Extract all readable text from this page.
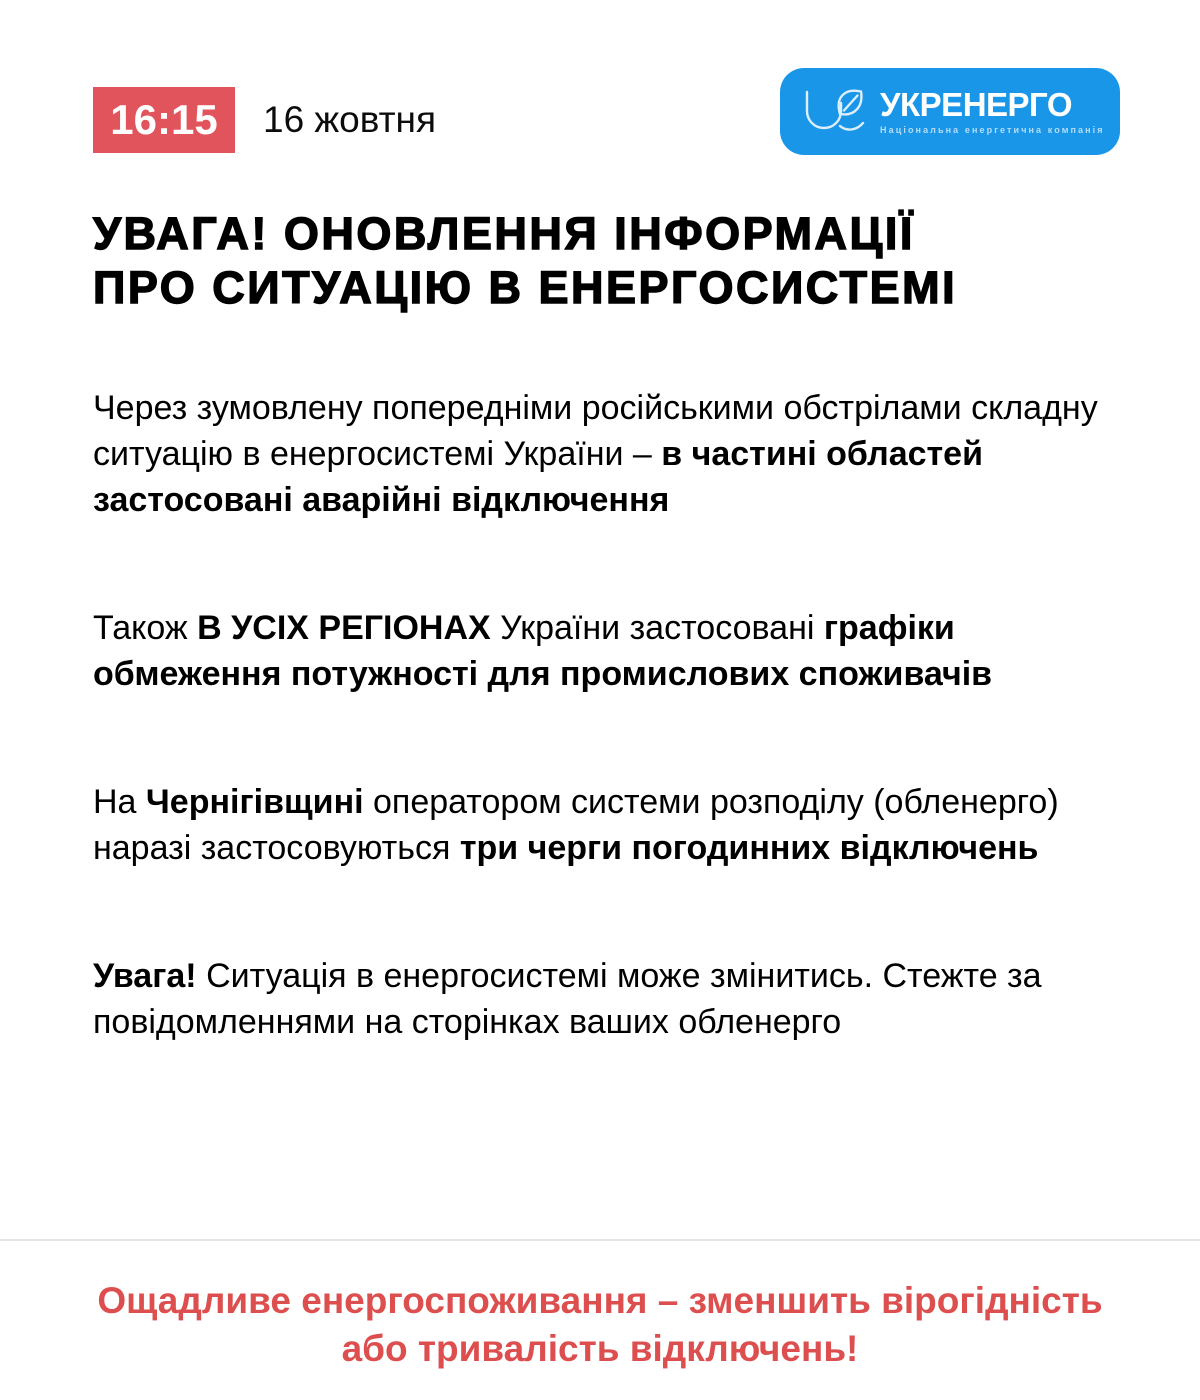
16:15	16 жовтня	УКРЕНЕРГО
Національна енергетична компанія
УВАГА! ОНОВЛЕННЯ ІНФОРМАЦІЇ
ПРО СИТУАЦІЮ В ЕНЕРГОСИСТЕМІ

Через зумовлену попередніми російськими обстрілами складну ситуацію в енергосистемі України – в частині областей застосовані аварійні відключення

Також В УСІХ РЕГІОНАХ України застосовані графіки обмеження потужності для промислових споживачів

На Чернігівщині оператором системи розподілу (обленерго) наразі застосовуються три черги погодинних відключень

Увага! Ситуація в енергосистемі може змінитись. Стежте за повідомленнями на сторінках ваших обленерго

Ощадливе енергоспоживання – зменшить вірогідність
або тривалість відключень!
